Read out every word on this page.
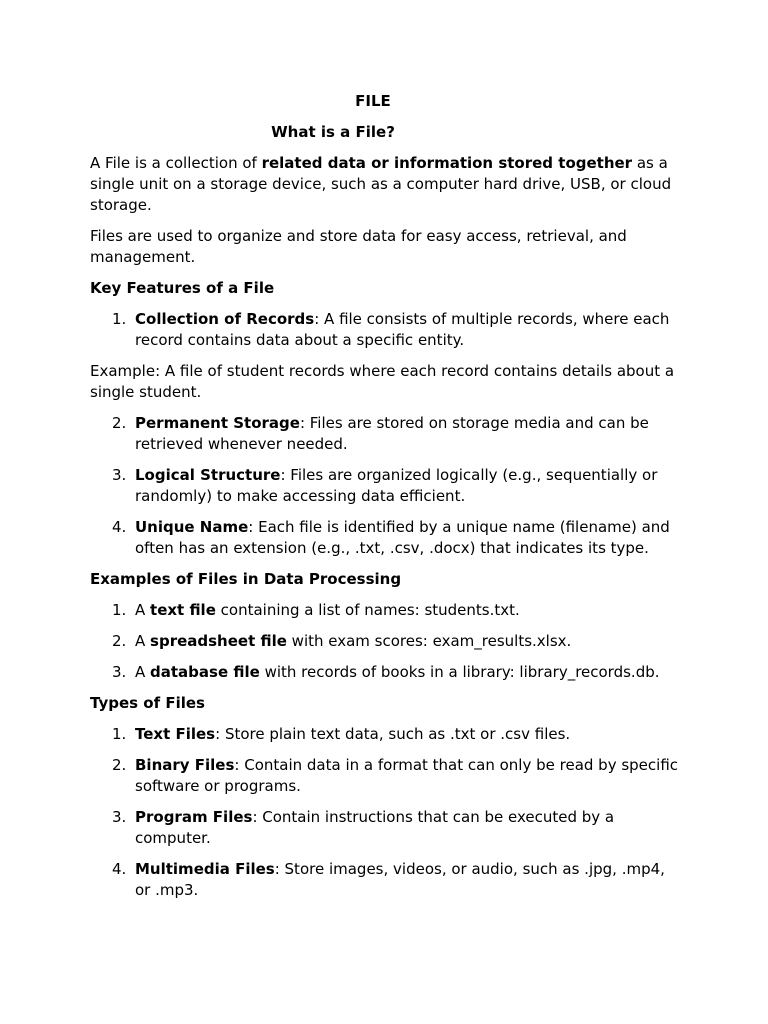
FILE
What is a File?

A File is a collection of related data or information stored together as a single unit on a storage device, such as a computer hard drive, USB, or cloud storage.

Files are used to organize and store data for easy access, retrieval, and management.

Key Features of a File
1. Collection of Records: A file consists of multiple records, where each record contains data about a specific entity.

Example: A file of student records where each record contains details about a single student.

2. Permanent Storage: Files are stored on storage media and can be retrieved whenever needed.
3. Logical Structure: Files are organized logically (e.g., sequentially or randomly) to make accessing data efficient.
4. Unique Name: Each file is identified by a unique name (filename) and often has an extension (e.g., .txt, .csv, .docx) that indicates its type.
Examples of Files in Data Processing
1. A text file containing a list of names: students.txt.
2. A spreadsheet file with exam scores: exam_results.xlsx.
3. A database file with records of books in a library: library_records.db.
Types of Files
1. Text Files: Store plain text data, such as .txt or .csv files.
2. Binary Files: Contain data in a format that can only be read by specific software or programs.
3. Program Files: Contain instructions that can be executed by a computer.
4. Multimedia Files: Store images, videos, or audio, such as .jpg, .mp4, or .mp3.
